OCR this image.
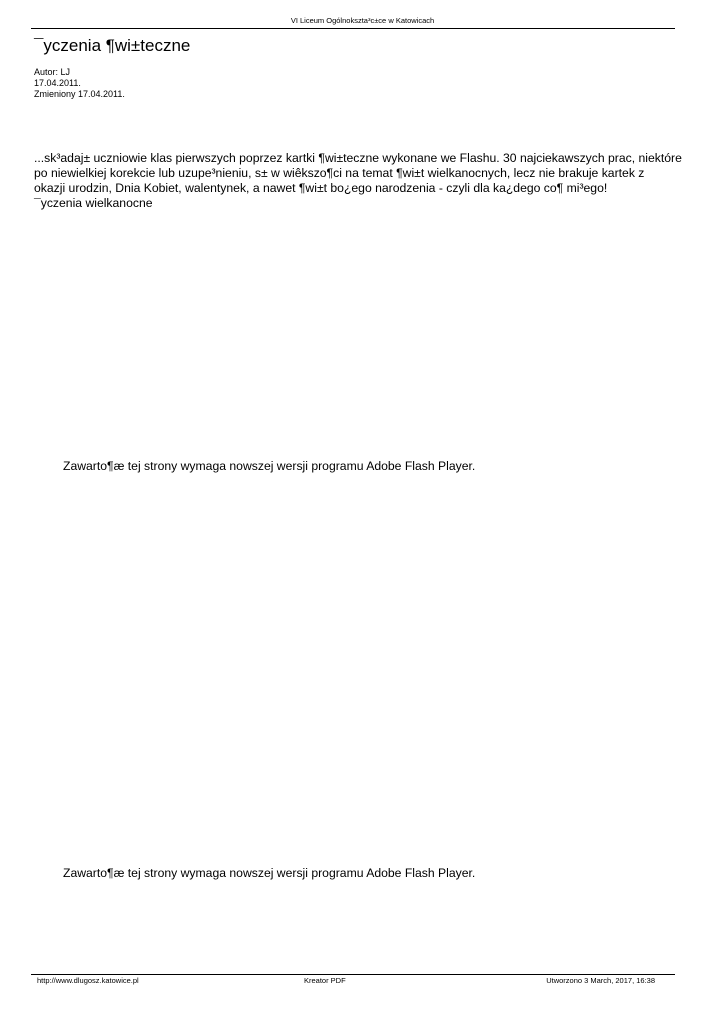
VI Liceum Ogólnokszta³c±ce w Katowicach
¯yczenia ¶wi±teczne
Autor: LJ
17.04.2011.
Zmieniony 17.04.2011.
...sk³adaj± uczniowie klas pierwszych poprzez kartki ¶wi±teczne wykonane we Flashu. 30 najciekawszych prac, niektóre
po niewielkiej korekcie lub uzupe³nieniu, s± w wiêkszo¶ci na temat ¶wi±t wielkanocnych, lecz nie brakuje kartek z
okazji urodzin, Dnia Kobiet, walentynek, a nawet ¶wi±t bo¿ego narodzenia - czyli dla ka¿dego co¶ mi³ego!
¯yczenia wielkanocne
Zawarto¶æ tej strony wymaga nowszej wersji programu Adobe Flash Player.
Zawarto¶æ tej strony wymaga nowszej wersji programu Adobe Flash Player.
http://www.dlugosz.katowice.pl	Kreator PDF	Utworzono 3 March, 2017, 16:38
